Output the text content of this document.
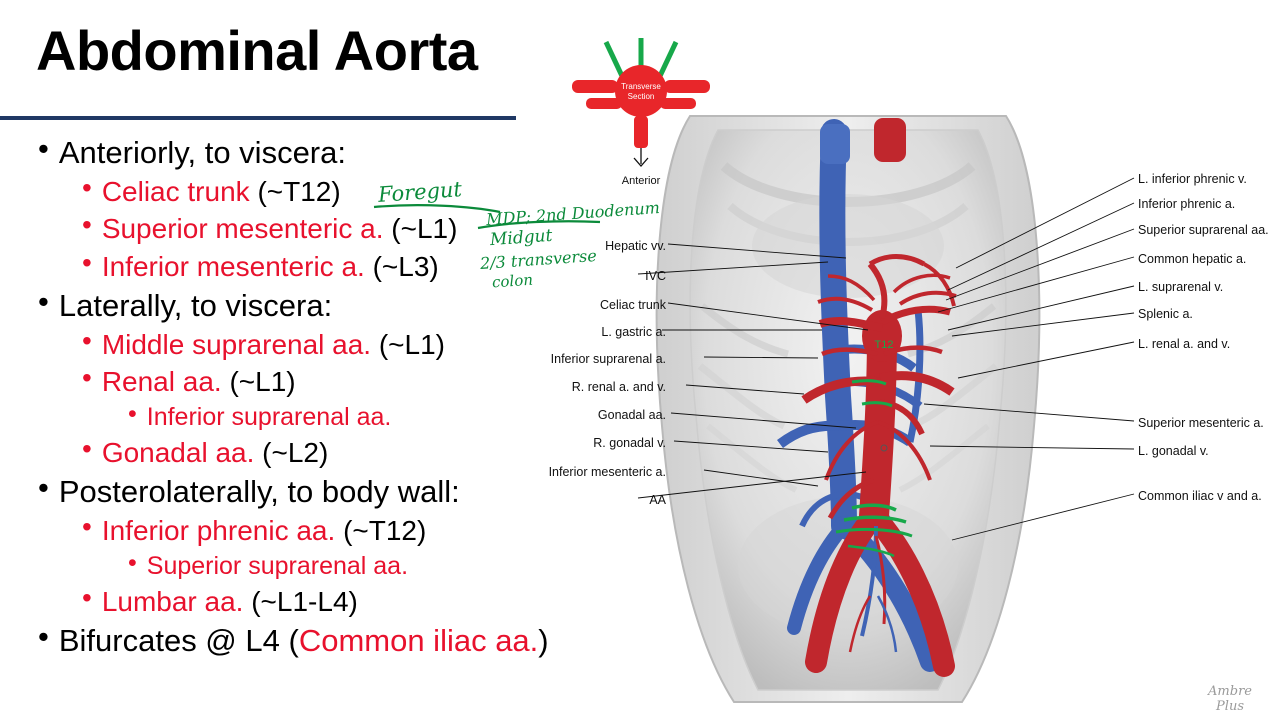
Abdominal Aorta
• Anteriorly, to viscera:
• Celiac trunk (~T12)
• Superior mesenteric a. (~L1)
• Inferior mesenteric a. (~L3)
• Laterally, to viscera:
• Middle suprarenal aa. (~L1)
• Renal aa. (~L1)
• Inferior suprarenal aa.
• Gonadal aa. (~L2)
• Posterolaterally, to body wall:
• Inferior phrenic aa. (~T12)
• Superior suprarenal aa.
• Lumbar aa. (~L1-L4)
• Bifurcates @ L4 (Common iliac aa.)
Transverse
Section
Anterior
T12
Hepatic vv.
IVC
Celiac trunk
L. gastric a.
Inferior suprarenal a.
R. renal a. and v.
Gonadal aa.
R. gonadal v.
Inferior mesenteric a.
AA
L. inferior phrenic v.
Inferior phrenic a.
Superior suprarenal aa.
Common hepatic a.
L. suprarenal v.
Splenic a.
L. renal a. and v.
Superior mesenteric a.
L. gonadal v.
Common iliac v and a.
Ambre
Plus
Foregut
MDP; 2nd Duodenum
Midgut
2/3 transverse
colon
